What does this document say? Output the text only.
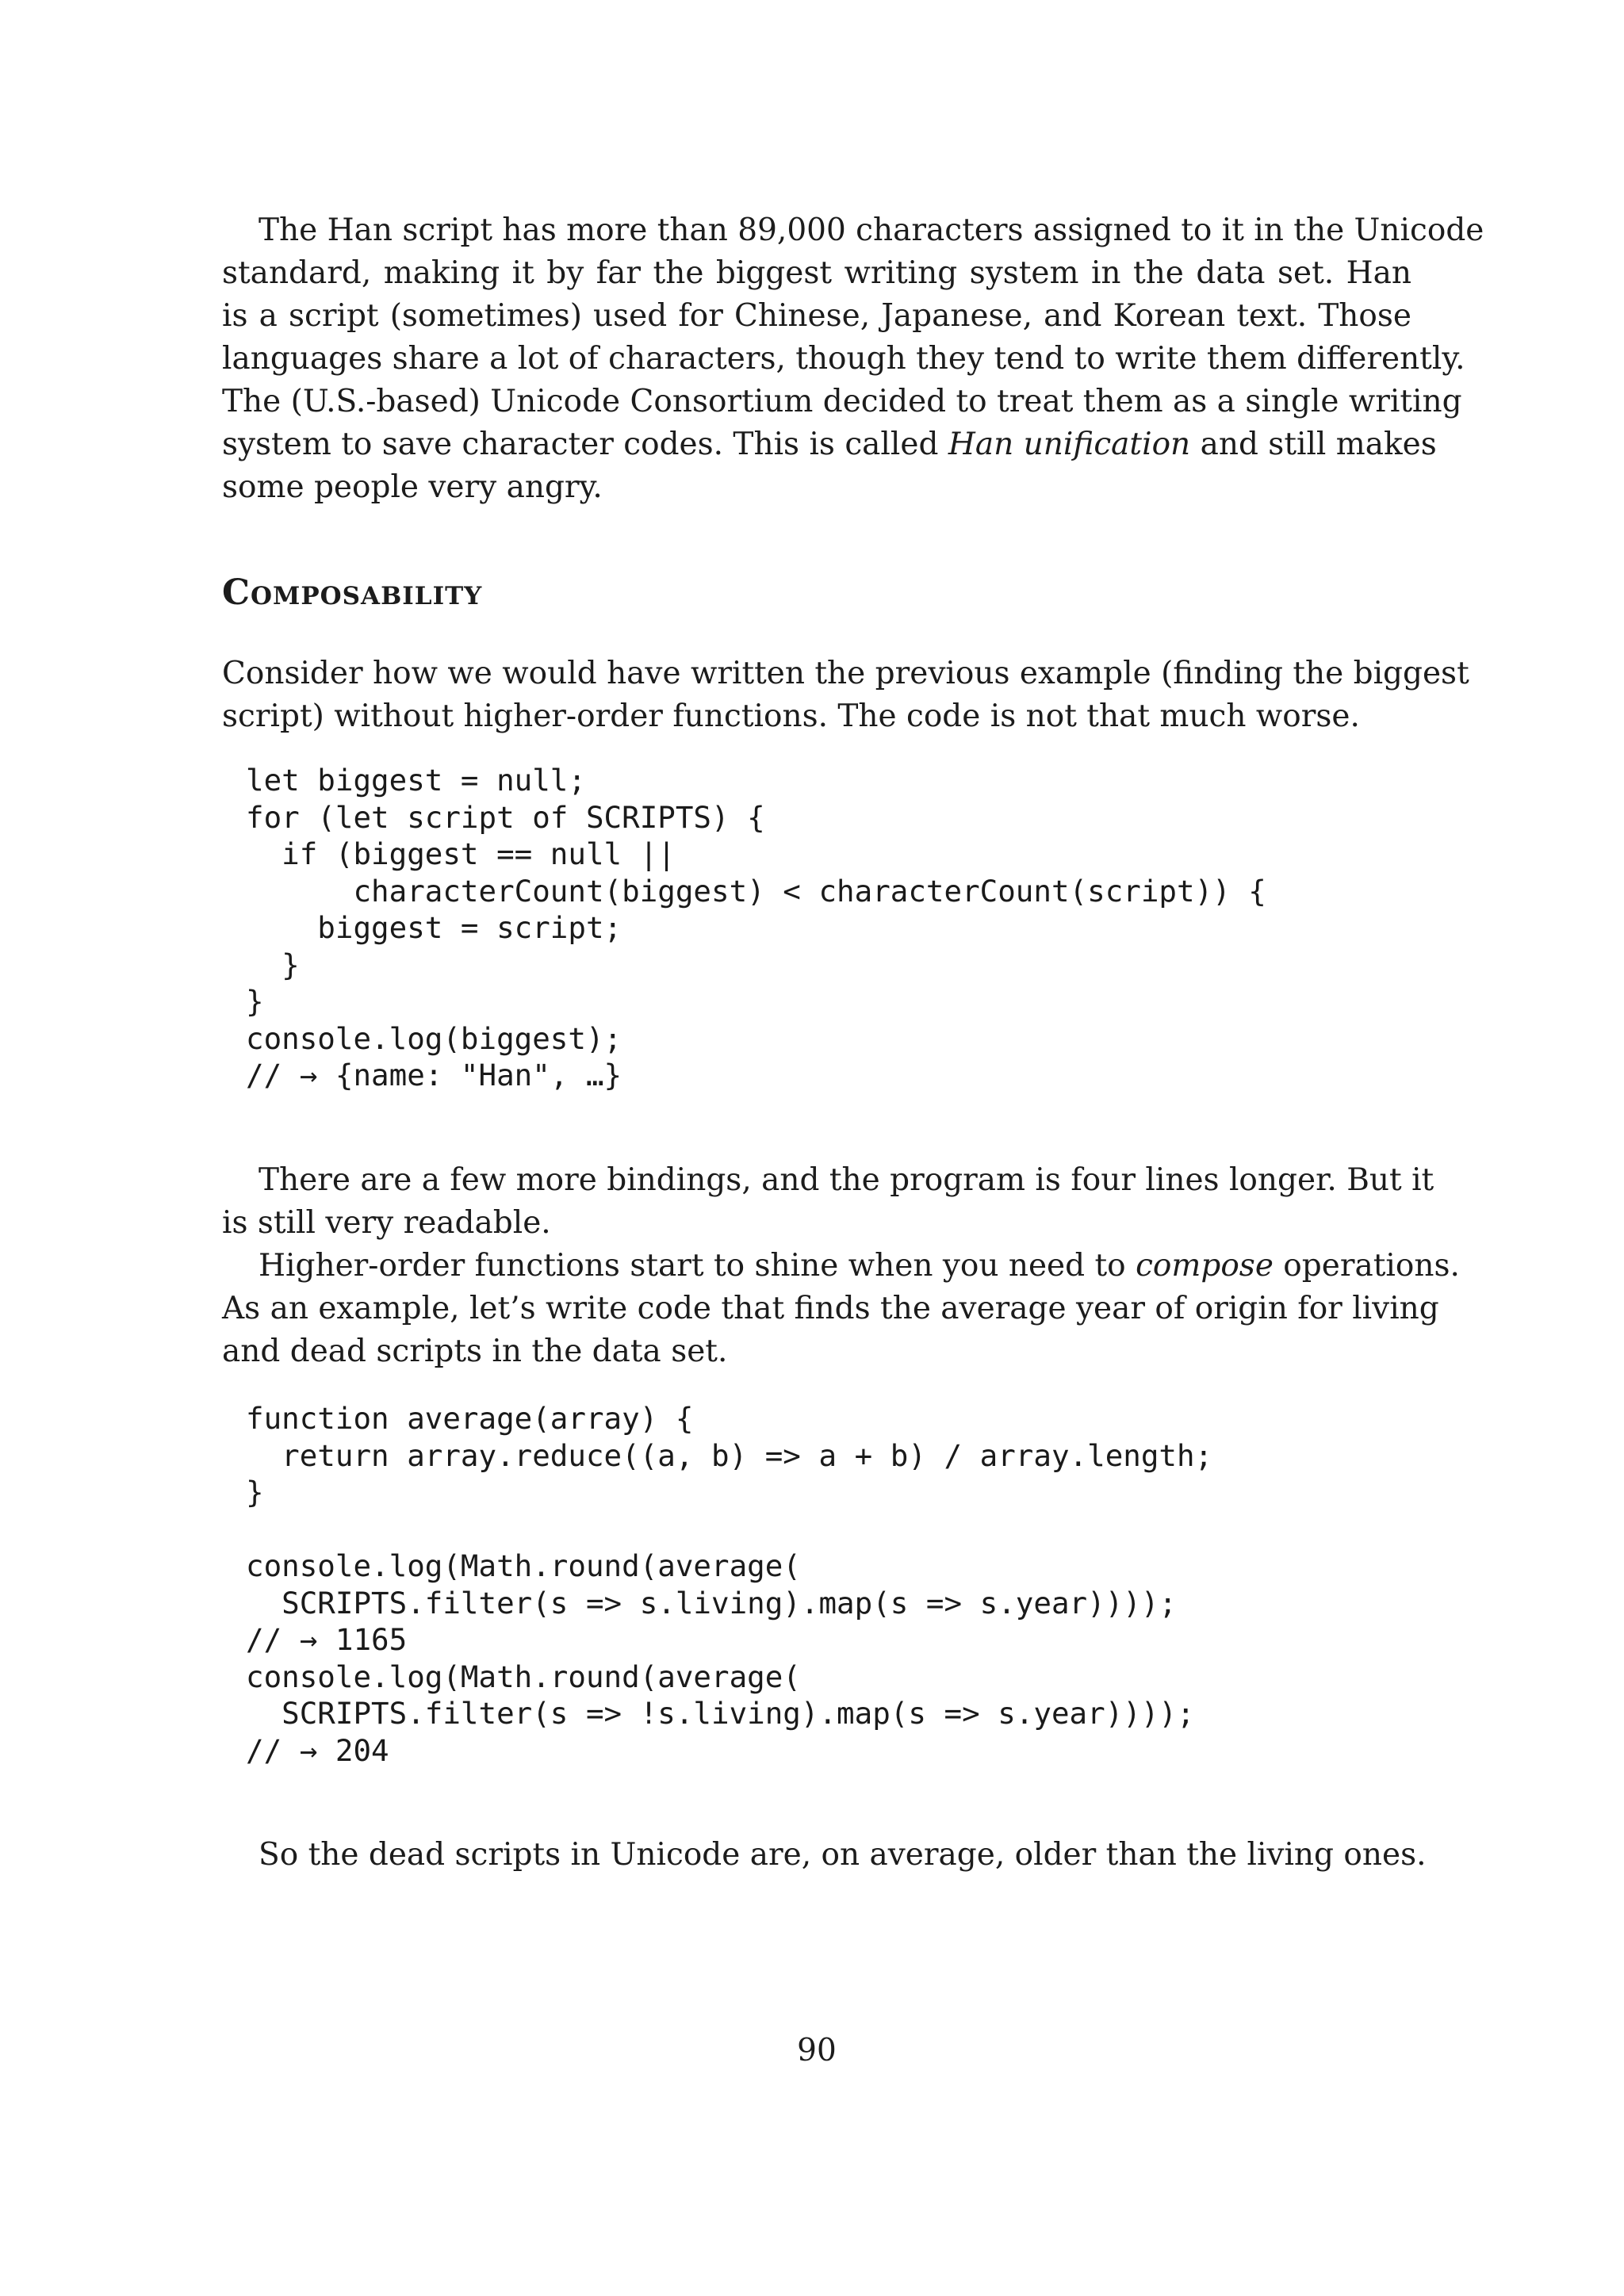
The Han script has more than 89,000 characters assigned to it in the Unicode
standard, making it by far the biggest writing system in the data set. Han
is a script (sometimes) used for Chinese, Japanese, and Korean text. Those
languages share a lot of characters, though they tend to write them differently.
The (U.S.-based) Unicode Consortium decided to treat them as a single writing
system to save character codes. This is called Han unification and still makes
some people very angry.

Composability

Consider how we would have written the previous example (finding the biggest
script) without higher-order functions. The code is not that much worse.

let biggest = null;
for (let script of SCRIPTS) {
if (biggest == null ||
characterCount(biggest) < characterCount(script)) {
biggest = script;
}
}
console.log(biggest);
// → {name: "Han", …}

There are a few more bindings, and the program is four lines longer. But it
is still very readable.

Higher-order functions start to shine when you need to compose operations.
As an example, let’s write code that finds the average year of origin for living
and dead scripts in the data set.

function average(array) {
return array.reduce((a, b) => a + b) / array.length;
}

console.log(Math.round(average(
SCRIPTS.filter(s => s.living).map(s => s.year))));
// → 1165
console.log(Math.round(average(
SCRIPTS.filter(s => !s.living).map(s => s.year))));
// → 204

So the dead scripts in Unicode are, on average, older than the living ones.

90
